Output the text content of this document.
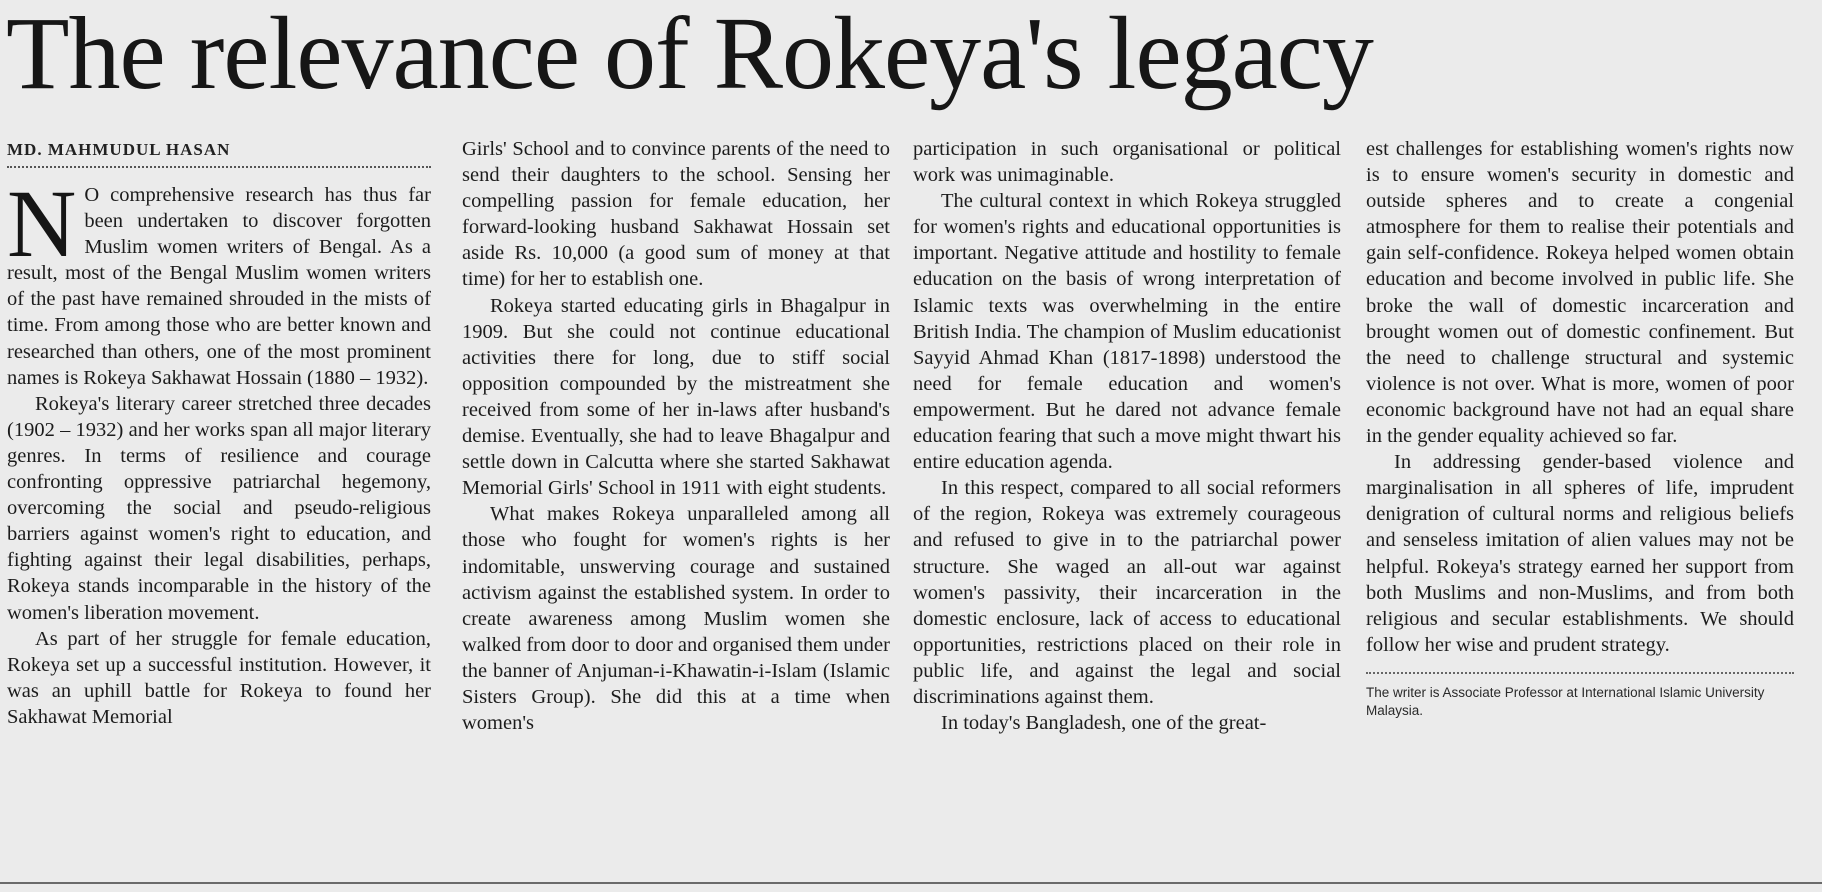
The relevance of Rokeya's legacy
MD. MAHMUDUL HASAN

N O comprehensive research has thus far been undertaken to discover forgotten Muslim women writers of Bengal. As a result, most of the Bengal Muslim women writers of the past have remained shrouded in the mists of time. From among those who are better known and researched than others, one of the most prominent names is Rokeya Sakhawat Hossain (1880 – 1932).

Rokeya's literary career stretched three decades (1902 – 1932) and her works span all major literary genres. In terms of resilience and courage confronting oppressive patriarchal hegemony, overcoming the social and pseudo-religious barriers against women's right to education, and fighting against their legal disabilities, perhaps, Rokeya stands incomparable in the history of the women's liberation movement.

As part of her struggle for female education, Rokeya set up a successful institution. However, it was an uphill battle for Rokeya to found her Sakhawat Memorial

Girls' School and to convince parents of the need to send their daughters to the school. Sensing her compelling passion for female education, her forward-looking husband Sakhawat Hossain set aside Rs. 10,000 (a good sum of money at that time) for her to establish one.

Rokeya started educating girls in Bhagalpur in 1909. But she could not continue educational activities there for long, due to stiff social opposition compounded by the mistreatment she received from some of her in-laws after husband's demise. Eventually, she had to leave Bhagalpur and settle down in Calcutta where she started Sakhawat Memorial Girls' School in 1911 with eight students.

What makes Rokeya unparalleled among all those who fought for women's rights is her indomitable, unswerving courage and sustained activism against the established system. In order to create awareness among Muslim women she walked from door to door and organised them under the banner of Anjuman-i-Khawatin-i-Islam (Islamic Sisters Group). She did this at a time when women's

participation in such organisational or political work was unimaginable.

The cultural context in which Rokeya struggled for women's rights and educational opportunities is important. Negative attitude and hostility to female education on the basis of wrong interpretation of Islamic texts was overwhelming in the entire British India. The champion of Muslim educationist Sayyid Ahmad Khan (1817-1898) understood the need for female education and women's empowerment. But he dared not advance female education fearing that such a move might thwart his entire education agenda.

In this respect, compared to all social reformers of the region, Rokeya was extremely courageous and refused to give in to the patriarchal power structure. She waged an all-out war against women's passivity, their incarceration in the domestic enclosure, lack of access to educational opportunities, restrictions placed on their role in public life, and against the legal and social discriminations against them.

In today's Bangladesh, one of the great-

est challenges for establishing women's rights now is to ensure women's security in domestic and outside spheres and to create a congenial atmosphere for them to realise their potentials and gain self-confidence. Rokeya helped women obtain education and become involved in public life. She broke the wall of domestic incarceration and brought women out of domestic confinement. But the need to challenge structural and systemic violence is not over. What is more, women of poor economic background have not had an equal share in the gender equality achieved so far.

In addressing gender-based violence and marginalisation in all spheres of life, imprudent denigration of cultural norms and religious beliefs and senseless imitation of alien values may not be helpful. Rokeya's strategy earned her support from both Muslims and non-Muslims, and from both religious and secular establishments. We should follow her wise and prudent strategy.

The writer is Associate Professor at International Islamic University Malaysia.
